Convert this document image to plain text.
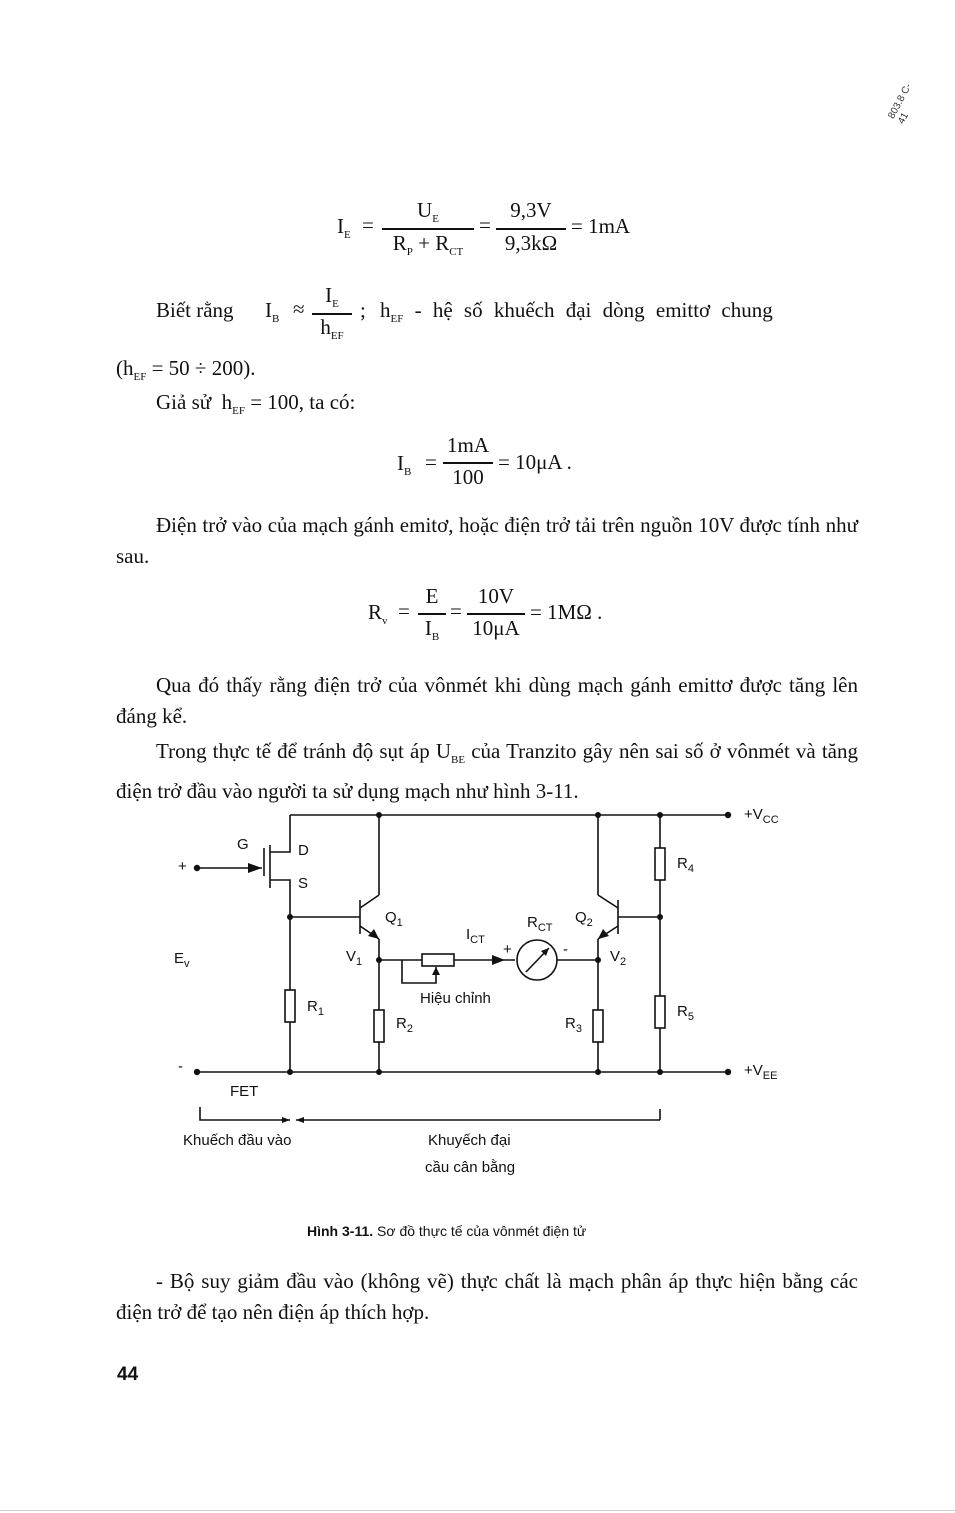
803.8 C-41
$I_E$ =
$U_E$
$R_P + R_{CT}$
=
9,3V
9,3kΩ
= 1mA
Biết rằng $I_B$ ≈
$I_E$
$h_{EF}$
; $h_{EF}$ - hệ số khuếch đại dòng emittơ chung
$(h_{EF} = 50 \div 200)$.
Giả sử $h_{EF} = 100$, ta có:
$I_B$ =
1mA
100
= 10μA .
Điện trở vào của mạch gánh emitơ, hoặc điện trở tải trên nguồn 10V được tính như sau.
$R_v$ =
E
$I_B$
=
10V
10μA
= 1MΩ .
Qua đó thấy rằng điện trở của vônmét khi dùng mạch gánh emittơ được tăng lên đáng kể.
Trong thực tế để tránh độ sụt áp $U_{BE}$ của Tranzito gây nên sai số ở vônmét và tăng điện trở đầu vào người ta sử dụng mạch như hình 3-11.
$+V_{CC}$
$+V_{EE}$
G	D
S
+
-
$E_v$
$R_1$
$R_2$	$R_3$
$R_4$
$R_5$
$Q_1$	$Q_2$
$V_1$	$V_2$
$I_{CT}$
$R_{CT}$
+	-
Hiệu chỉnh
FET
Khuếch đầu vào	Khuyếch đại
cầu cân bằng
Hình 3-11. Sơ đồ thực tế của vônmét điện tử
- Bộ suy giảm đầu vào (không vẽ) thực chất là mạch phân áp thực hiện bằng các điện trở để tạo nên điện áp thích hợp.
44
